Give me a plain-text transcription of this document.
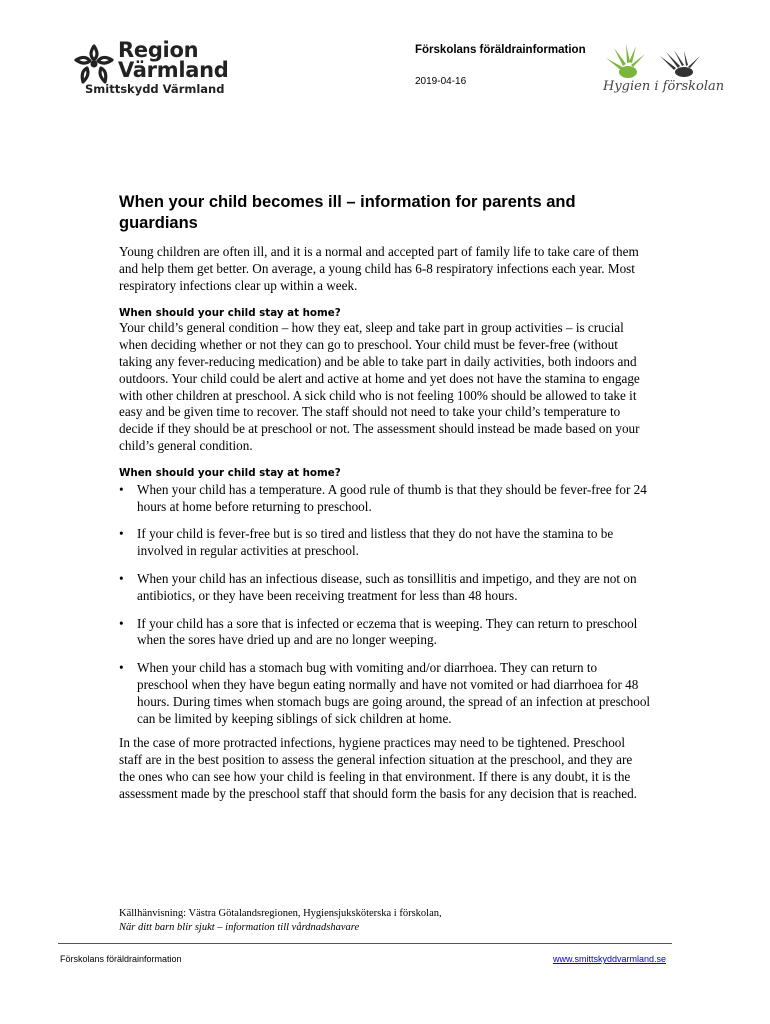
Region
Värmland
Smittskydd Värmland
Förskolans föräldrainformation
2019-04-16	Hygien i förskolan
When your child becomes ill – information for parents and guardians

Young children are often ill, and it is a normal and accepted part of family life to take care of them and help them get better. On average, a young child has 6-8 respiratory infections each year. Most respiratory infections clear up within a week.

When should your child stay at home?

Your child’s general condition – how they eat, sleep and take part in group activities – is crucial when deciding whether or not they can go to preschool. Your child must be fever-free (without taking any fever-reducing medication) and be able to take part in daily activities, both indoors and outdoors. Your child could be alert and active at home and yet does not have the stamina to engage with other children at preschool. A sick child who is not feeling 100% should be allowed to take it easy and be given time to recover. The staff should not need to take your child’s temperature to decide if they should be at preschool or not. The assessment should instead be made based on your child’s general condition.

When should your child stay at home?
• When your child has a temperature. A good rule of thumb is that they should be fever-free for 24 hours at home before returning to preschool.
• If your child is fever-free but is so tired and listless that they do not have the stamina to be involved in regular activities at preschool.
• When your child has an infectious disease, such as tonsillitis and impetigo, and they are not on antibiotics, or they have been receiving treatment for less than 48 hours.
• If your child has a sore that is infected or eczema that is weeping. They can return to preschool when the sores have dried up and are no longer weeping.
• When your child has a stomach bug with vomiting and/or diarrhoea. They can return to preschool when they have begun eating normally and have not vomited or had diarrhoea for 48 hours. During times when stomach bugs are going around, the spread of an infection at preschool can be limited by keeping siblings of sick children at home.

In the case of more protracted infections, hygiene practices may need to be tightened. Preschool staff are in the best position to assess the general infection situation at the preschool, and they are the ones who can see how your child is feeling in that environment. If there is any doubt, it is the assessment made by the preschool staff that should form the basis for any decision that is reached.

Källhänvisning: Västra Götalandsregionen, Hygiensjuksköterska i förskolan,
När ditt barn blir sjukt – information till vårdnadshavare
Förskolans föräldrainformation	www.smittskyddvarmland.se
